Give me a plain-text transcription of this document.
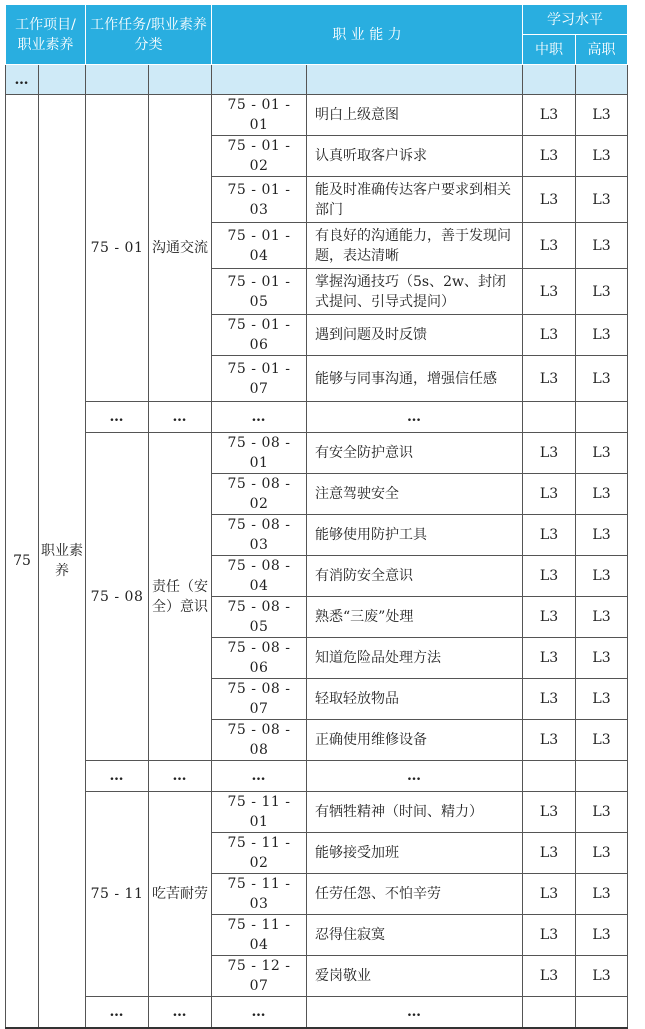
工作项目/职业素养		工作任务/职业素养分类		职 业 能 力		学习水平	
						中职	高职
…							
75	职业素养	75 - 01	沟通交流	75 - 01 - 01	明白上级意图	L3	L3
				75 - 01 - 02	认真听取客户诉求	L3	L3
				75 - 01 - 03	能及时准确传达客户要求到相关部门	L3	L3
				75 - 01 - 04	有良好的沟通能力，善于发现问题，表达清晰	L3	L3
				75 - 01 - 05	掌握沟通技巧（5s、2w、封闭式提问、引导式提问）	L3	L3
				75 - 01 - 06	遇到问题及时反馈	L3	L3
				75 - 01 - 07	能够与同事沟通，增强信任感	L3	L3
		…	…	…	…		
		75 - 08	责任（安全）意识	75 - 08 - 01	有安全防护意识	L3	L3
				75 - 08 - 02	注意驾驶安全	L3	L3
				75 - 08 - 03	能够使用防护工具	L3	L3
				75 - 08 - 04	有消防安全意识	L3	L3
				75 - 08 - 05	熟悉“三废”处理	L3	L3
				75 - 08 - 06	知道危险品处理方法	L3	L3
				75 - 08 - 07	轻取轻放物品	L3	L3
				75 - 08 - 08	正确使用维修设备	L3	L3
		…	…	…	…		
		75 - 11	吃苦耐劳	75 - 11 - 01	有牺牲精神（时间、精力）	L3	L3
				75 - 11 - 02	能够接受加班	L3	L3
				75 - 11 - 03	任劳任怨、不怕辛劳	L3	L3
				75 - 11 - 04	忍得住寂寞	L3	L3
				75 - 12 - 07	爱岗敬业	L3	L3
		…	…	…	…		
